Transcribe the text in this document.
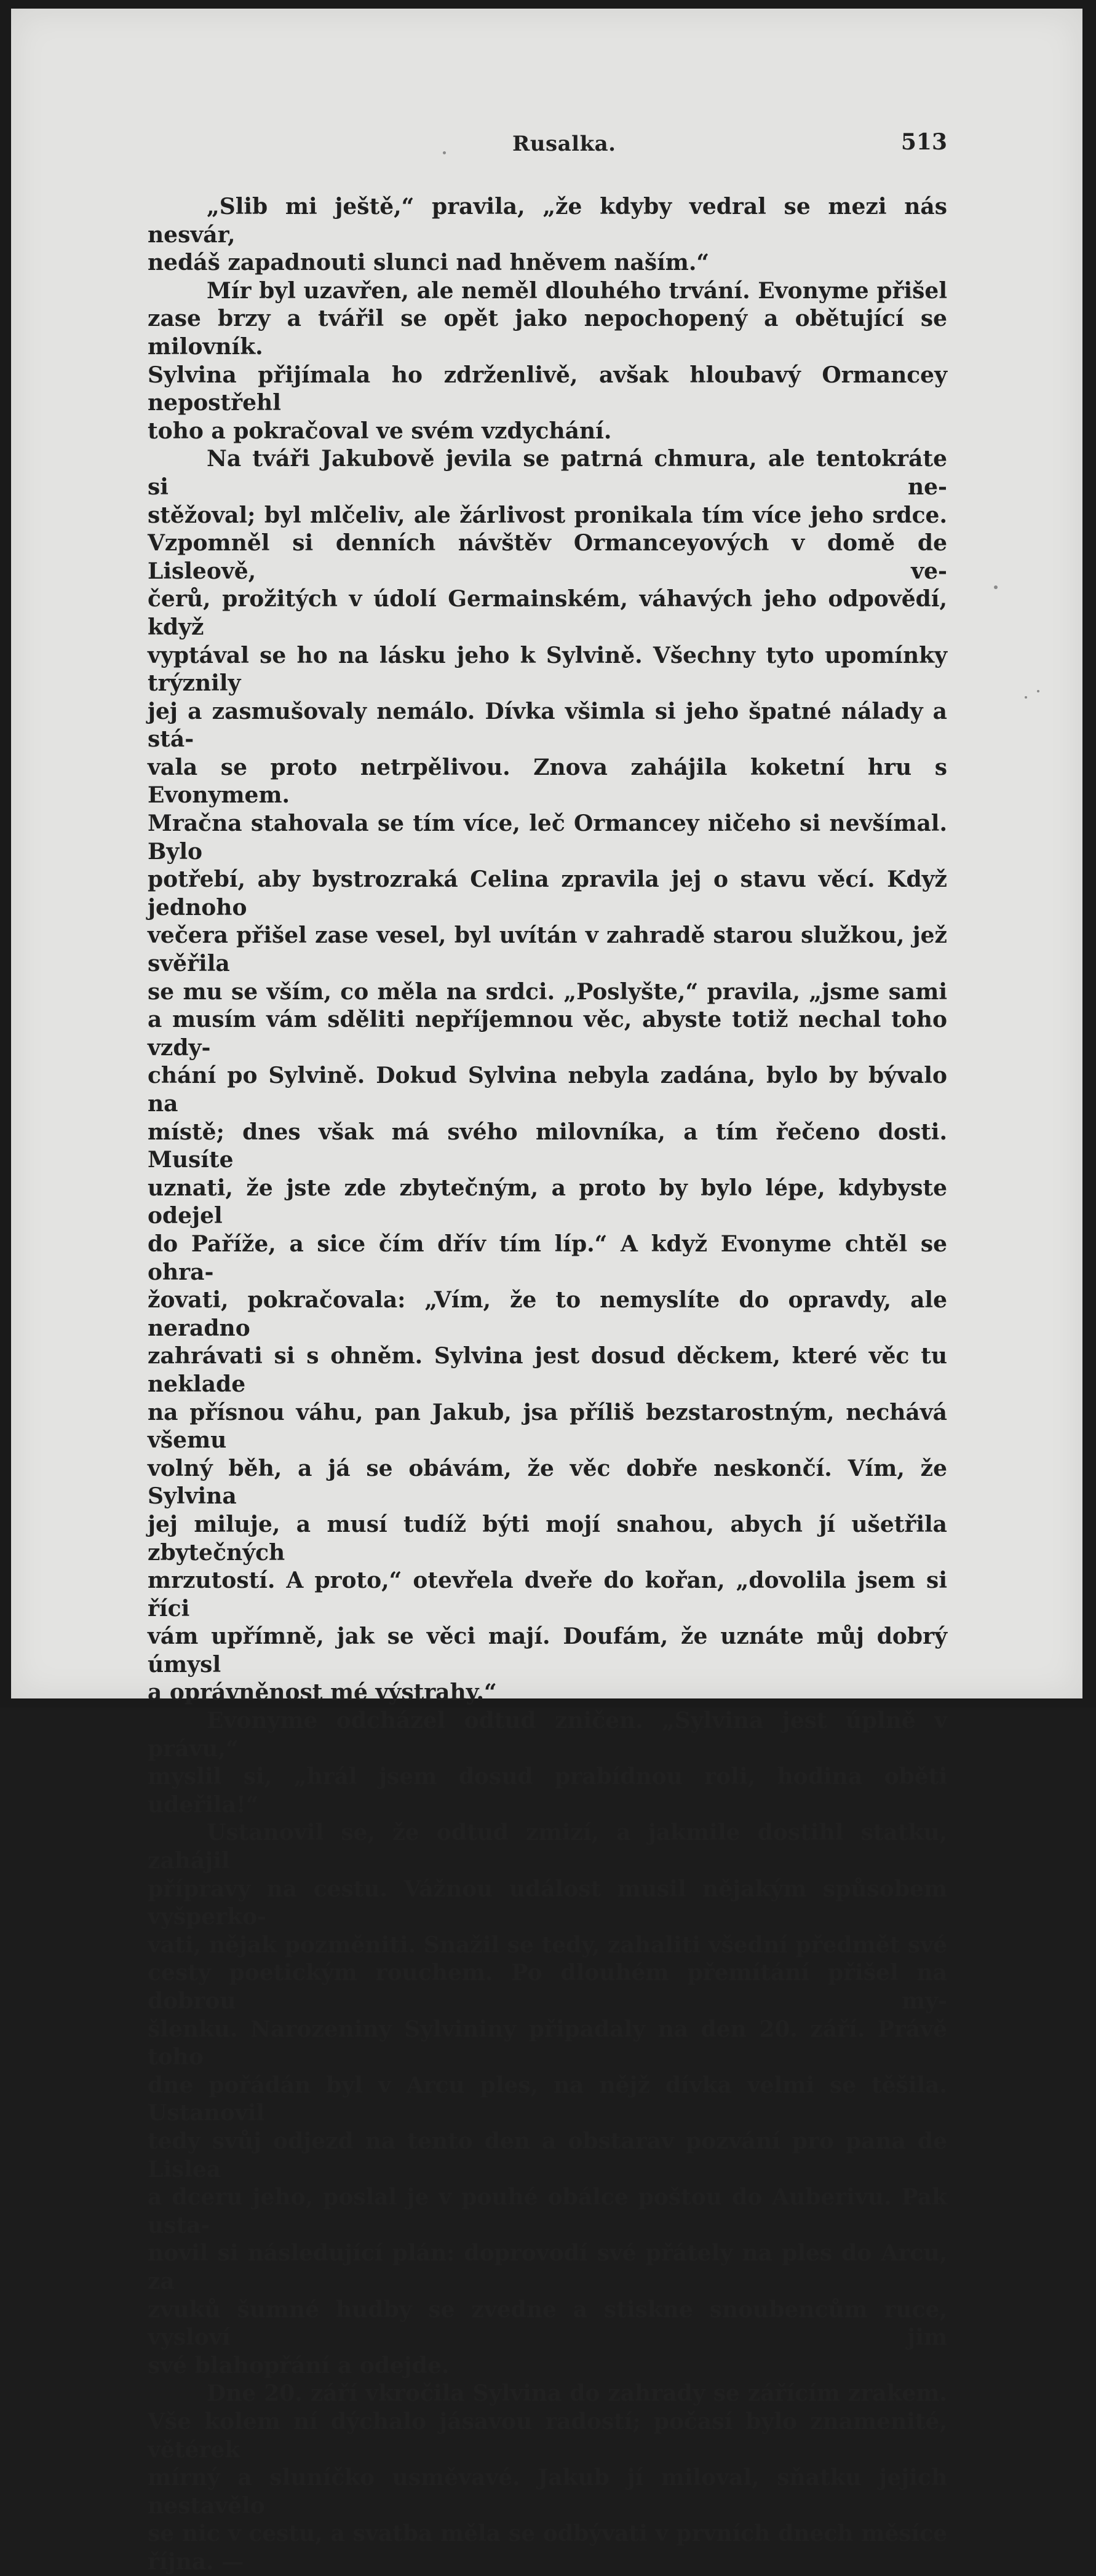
Rusalka.	513

„Slib mi ještě,“ pravila, „že kdyby vedral se mezi nás nesvár,
nedáš zapadnouti slunci nad hněvem naším.“

Mír byl uzavřen, ale neměl dlouhého trvání. Evonyme přišel
zase brzy a tvářil se opět jako nepochopený a obětující se milovník.
Sylvina přijímala ho zdrženlivě, avšak hloubavý Ormancey nepostřehl
toho a pokračoval ve svém vzdychání.

Na tváři Jakubově jevila se patrná chmura, ale tentokráte si ne-
stěžoval; byl mlčeliv, ale žárlivost pronikala tím více jeho srdce.
Vzpomněl si denních návštěv Ormanceyových v domě de Lisleově, ve-
čerů, prožitých v údolí Germainském, váhavých jeho odpovědí, když
vyptával se ho na lásku jeho k Sylvině. Všechny tyto upomínky trýznily
jej a zasmušovaly nemálo. Dívka všimla si jeho špatné nálady a stá-
vala se proto netrpělivou. Znova zahájila koketní hru s Evonymem.
Mračna stahovala se tím více, leč Ormancey ničeho si nevšímal. Bylo
potřebí, aby bystrozraká Celina zpravila jej o stavu věcí. Když jednoho
večera přišel zase vesel, byl uvítán v zahradě starou služkou, jež svěřila
se mu se vším, co měla na srdci. „Poslyšte,“ pravila, „jsme sami
a musím vám sděliti nepříjemnou věc, abyste totiž nechal toho vzdy-
chání po Sylvině. Dokud Sylvina nebyla zadána, bylo by bývalo na
místě; dnes však má svého milovníka, a tím řečeno dosti. Musíte
uznati, že jste zde zbytečným, a proto by bylo lépe, kdybyste odejel
do Paříže, a sice čím dřív tím líp.“ A když Evonyme chtěl se ohra-
žovati, pokračovala: „Vím, že to nemyslíte do opravdy, ale neradno
zahrávati si s ohněm. Sylvina jest dosud děckem, které věc tu neklade
na přísnou váhu, pan Jakub, jsa příliš bezstarostným, nechává všemu
volný běh, a já se obávám, že věc dobře neskončí. Vím, že Sylvina
jej miluje, a musí tudíž býti mojí snahou, abych jí ušetřila zbytečných
mrzutostí. A proto,“ otevřela dveře do kořan, „dovolila jsem si říci
vám upřímně, jak se věci mají. Doufám, že uznáte můj dobrý úmysl
a oprávněnost mé výstrahy.“

Evonyme odcházel odtud zničen. „Sylvina jest úplně v právu,“
myslil si, „hrál jsem dosud prabídnou roli, hodina oběti udeřila!“

Ustanovil se, že odtud zmizí, a jakmile dostihl statku, zahájil
přípravy na cestu. Vážnou událost musil nějakým spůsobem vyšperko-
vati, nějak pozměniti. Snažil se tedy, zahaliti všední předmět své
cesty poetickým rouchem. Po dlouhém přemítání přišel na dobrou my-
šlenku. Narozeniny Sylvininy připadaly na den 20. září. Právě toho
dne pořádán byl v Arcu ples, na nějž dívka velmi se těšila. Ustanovil
tedy svůj odjezd na tento den a obstarav pozvání pro pana de Lislea
a dceru jeho, poslal je v pouhé obálce poštou do Auberivu. Pak usta-
novil si následující plán: doprovodí své přátely na ples do Arcu, za
zvuků šumné hudby se zvedne a stiskne snoubencům ruce, vysloví jim
své blahopřání a odejde.

Dne 20. září vkročila Sylvina do zahrady se zářícím zrakem.
Vše kolem ní dýchalo jásavou radostí; počasí bylo znamenité, větérek
mírný a sluníčko usměvavé. Jakub jí miloval, sňatku jejich nestavělo
se nic v cestu, a svatba měla se odbývati v prvních dnech měsíce
října. —
